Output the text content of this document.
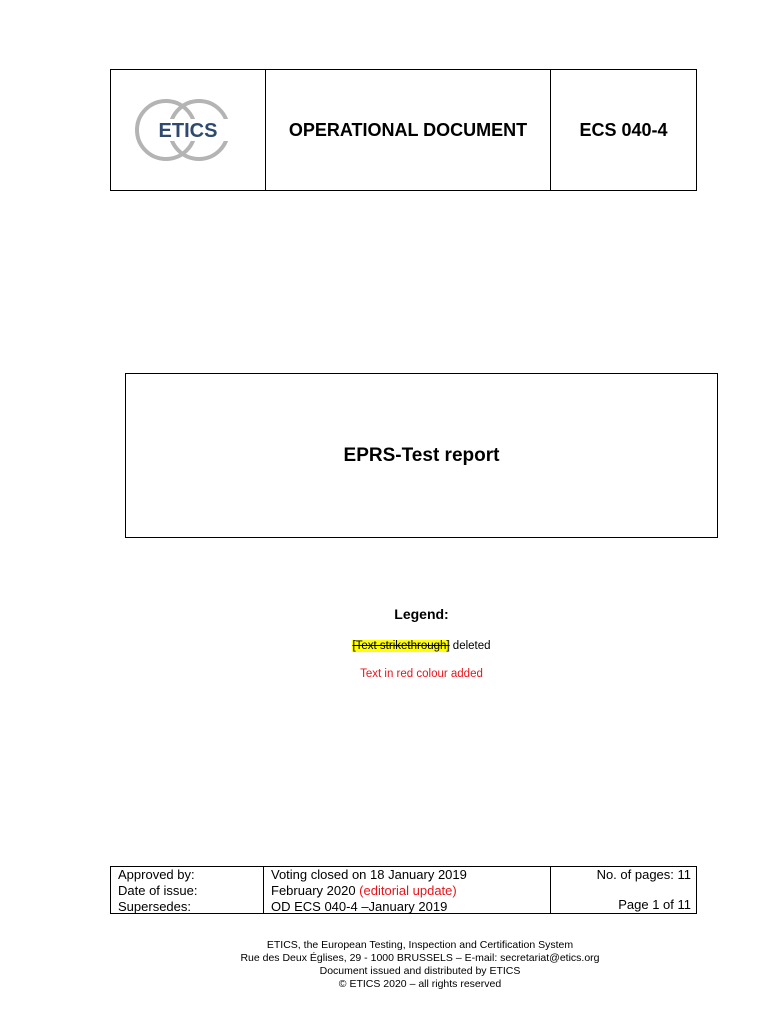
ETICS	OPERATIONAL DOCUMENT	ECS 040-4
EPRS-Test report
Legend:
[Text strikethrough] deleted
Text in red colour added
Approved by:
Date of issue:
Supersedes:
Voting closed on 18 January 2019
February 2020 (editorial update)
OD ECS 040-4 –January 2019
No. of pages: 11
Page 1 of 11
ETICS, the European Testing, Inspection and Certification System
Rue des Deux Églises, 29 - 1000 BRUSSELS – E-mail: secretariat@etics.org
Document issued and distributed by ETICS
© ETICS 2020 – all rights reserved
